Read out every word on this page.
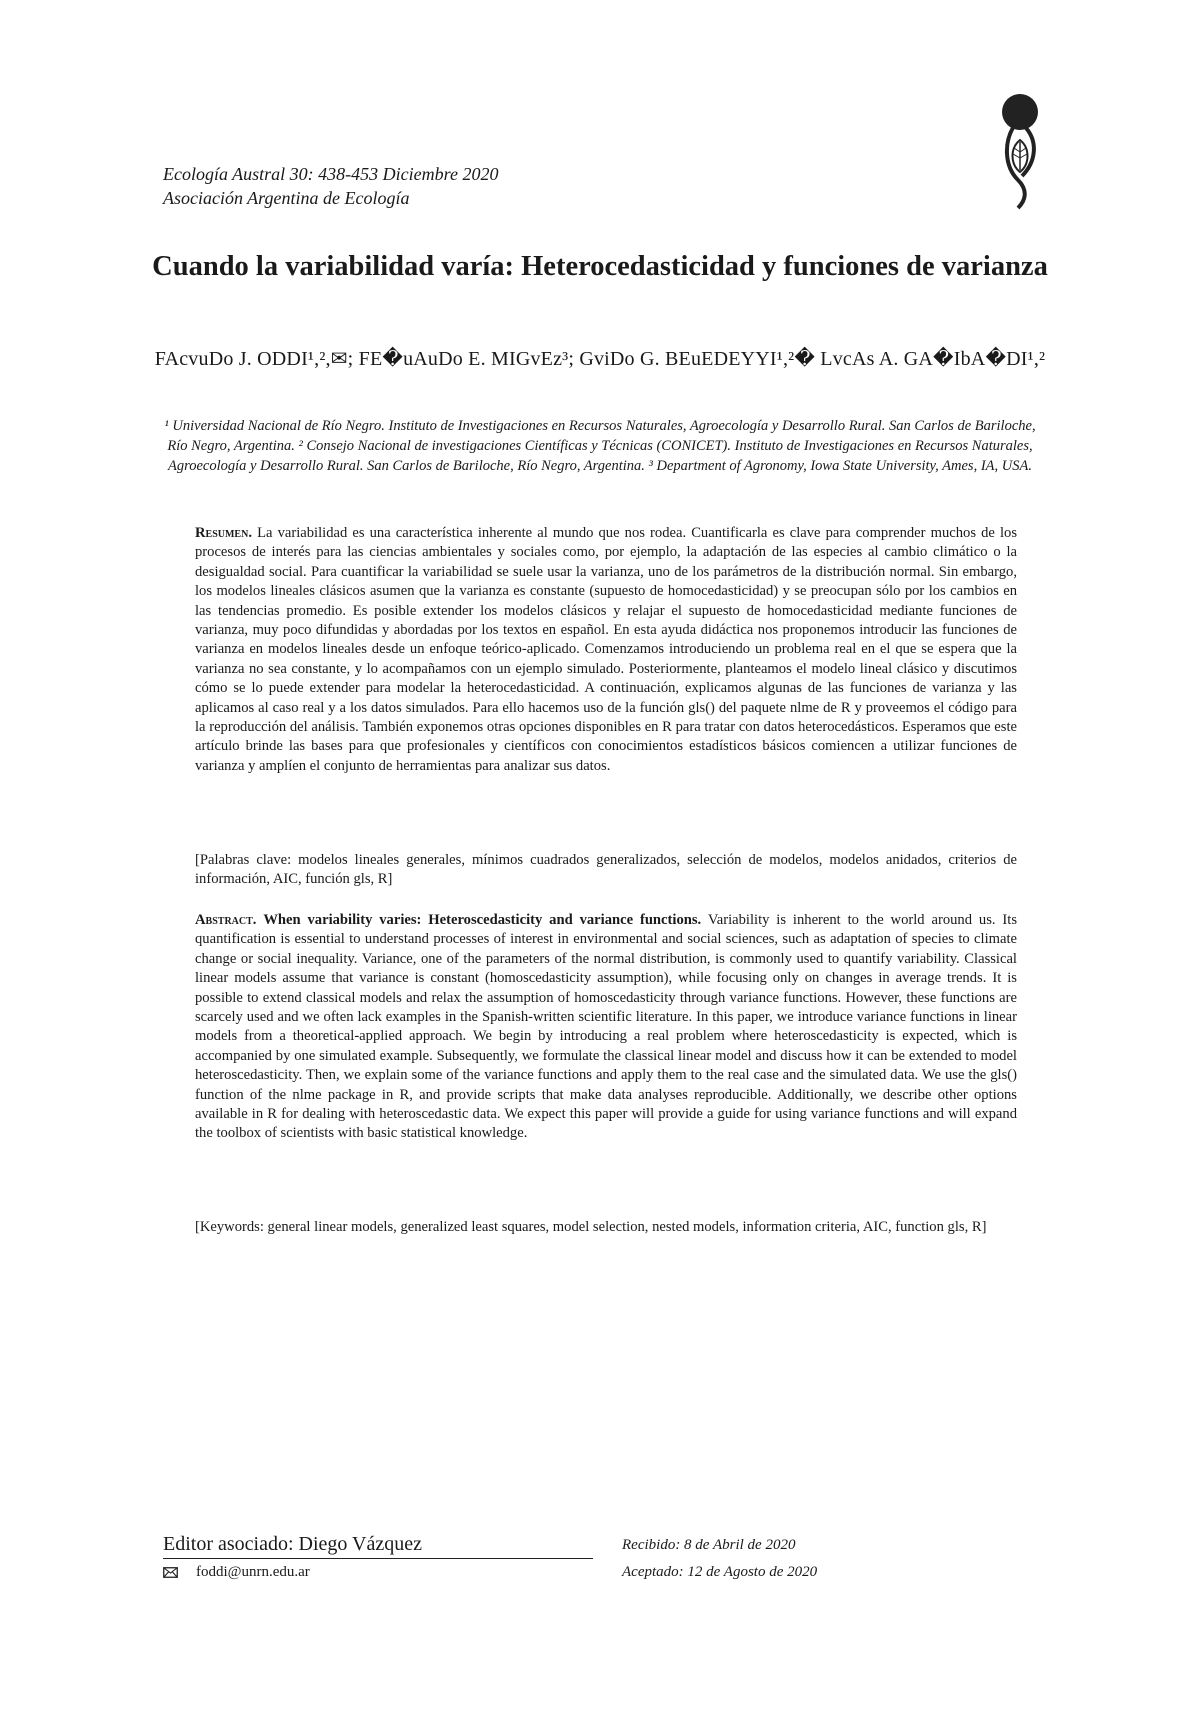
Ecología Austral 30: 438-453 Diciembre 2020
Asociación Argentina de Ecología
Cuando la variabilidad varía: Heterocedasticidad y funciones de varianza
FAcvuDo J. ODDI¹,²,✉; FE�uAuDo E. MIGvEz³; GviDo G. BEuEDEYYI¹,²� LvcAs A. GA�IbA�DI¹,²
¹ Universidad Nacional de Río Negro. Instituto de Investigaciones en Recursos Naturales, Agroecología y Desarrollo Rural. San Carlos de Bariloche, Río Negro, Argentina. ² Consejo Nacional de investigaciones Científicas y Técnicas (CONICET). Instituto de Investigaciones en Recursos Naturales, Agroecología y Desarrollo Rural. San Carlos de Bariloche, Río Negro, Argentina. ³ Department of Agronomy, Iowa State University, Ames, IA, USA.
Resumen. La variabilidad es una característica inherente al mundo que nos rodea. Cuantificarla es clave para comprender muchos de los procesos de interés para las ciencias ambientales y sociales como, por ejemplo, la adaptación de las especies al cambio climático o la desigualdad social. Para cuantificar la variabilidad se suele usar la varianza, uno de los parámetros de la distribución normal. Sin embargo, los modelos lineales clásicos asumen que la varianza es constante (supuesto de homocedasticidad) y se preocupan sólo por los cambios en las tendencias promedio. Es posible extender los modelos clásicos y relajar el supuesto de homocedasticidad mediante funciones de varianza, muy poco difundidas y abordadas por los textos en español. En esta ayuda didáctica nos proponemos introducir las funciones de varianza en modelos lineales desde un enfoque teórico-aplicado. Comenzamos introduciendo un problema real en el que se espera que la varianza no sea constante, y lo acompañamos con un ejemplo simulado. Posteriormente, planteamos el modelo lineal clásico y discutimos cómo se lo puede extender para modelar la heterocedasticidad. A continuación, explicamos algunas de las funciones de varianza y las aplicamos al caso real y a los datos simulados. Para ello hacemos uso de la función gls() del paquete nlme de R y proveemos el código para la reproducción del análisis. También exponemos otras opciones disponibles en R para tratar con datos heterocedásticos. Esperamos que este artículo brinde las bases para que profesionales y científicos con conocimientos estadísticos básicos comiencen a utilizar funciones de varianza y amplíen el conjunto de herramientas para analizar sus datos.
[Palabras clave: modelos lineales generales, mínimos cuadrados generalizados, selección de modelos, modelos anidados, criterios de información, AIC, función gls, R]
Abstract. When variability varies: Heteroscedasticity and variance functions. Variability is inherent to the world around us. Its quantification is essential to understand processes of interest in environmental and social sciences, such as adaptation of species to climate change or social inequality. Variance, one of the parameters of the normal distribution, is commonly used to quantify variability. Classical linear models assume that variance is constant (homoscedasticity assumption), while focusing only on changes in average trends. It is possible to extend classical models and relax the assumption of homoscedasticity through variance functions. However, these functions are scarcely used and we often lack examples in the Spanish-written scientific literature. In this paper, we introduce variance functions in linear models from a theoretical-applied approach. We begin by introducing a real problem where heteroscedasticity is expected, which is accompanied by one simulated example. Subsequently, we formulate the classical linear model and discuss how it can be extended to model heteroscedasticity. Then, we explain some of the variance functions and apply them to the real case and the simulated data. We use the gls() function of the nlme package in R, and provide scripts that make data analyses reproducible. Additionally, we describe other options available in R for dealing with heteroscedastic data. We expect this paper will provide a guide for using variance functions and will expand the toolbox of scientists with basic statistical knowledge.
[Keywords: general linear models, generalized least squares, model selection, nested models, information criteria, AIC, function gls, R]
Editor asociado: Diego Vázquez
foddi@unrn.edu.ar
Recibido: 8 de Abril de 2020
Aceptado: 12 de Agosto de 2020
